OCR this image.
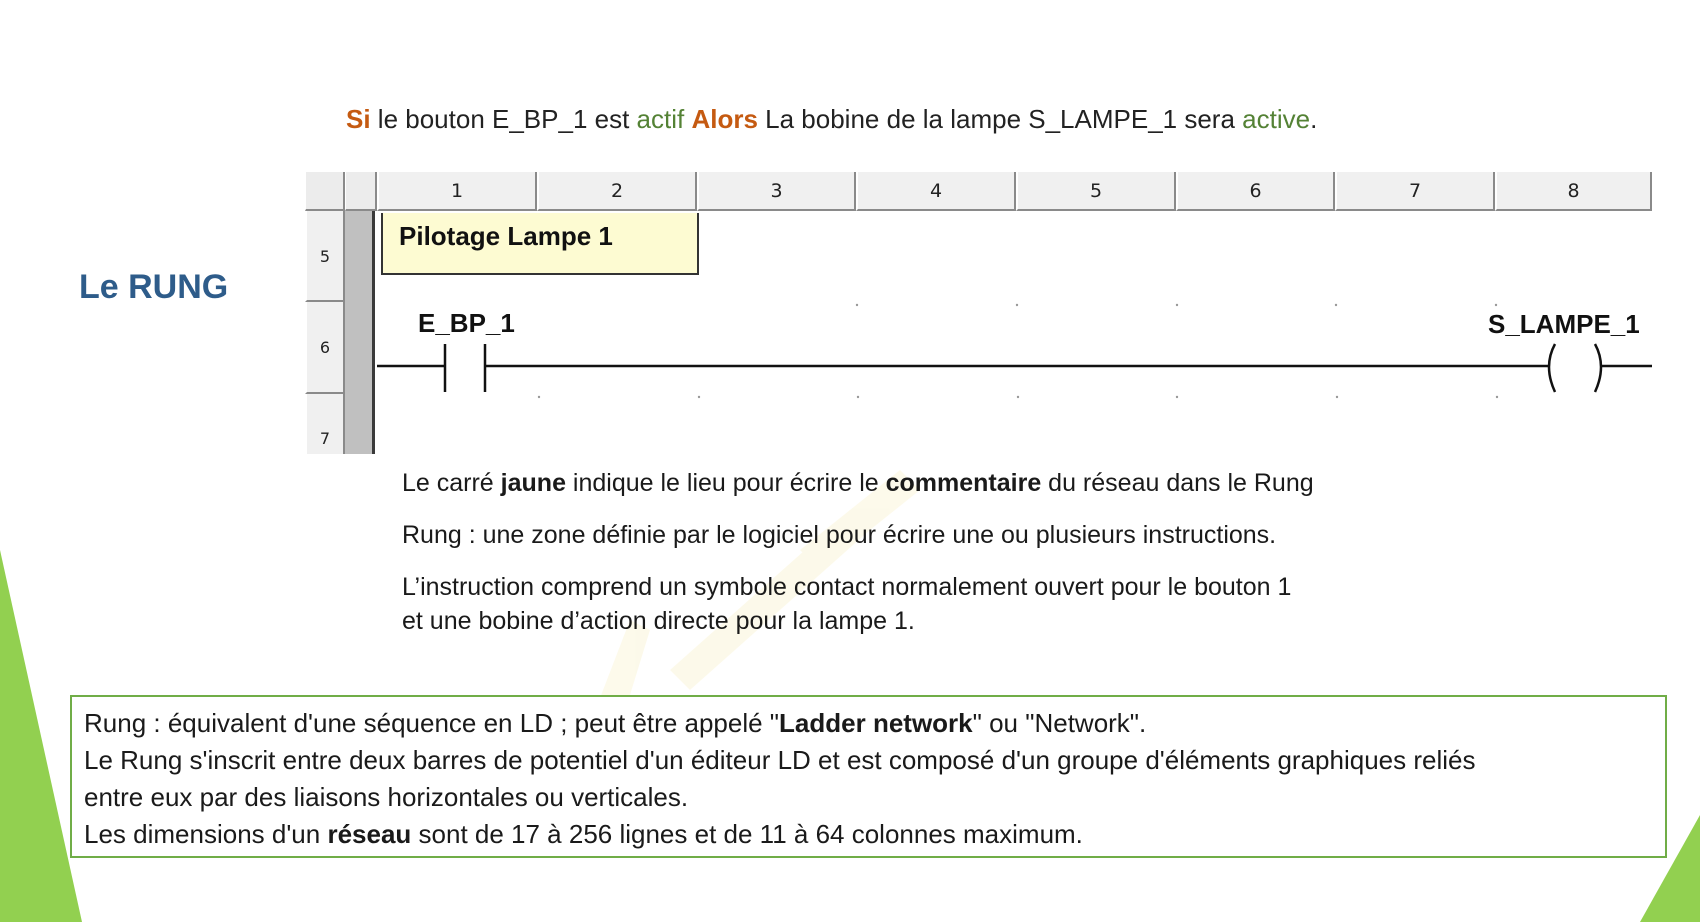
Si le bouton E_BP_1 est actif Alors La bobine de la lampe S_LAMPE_1 sera active.
Le RUNG
1	2	3	4	5	6	7	8
5
6
7
Pilotage Lampe 1
E_BP_1	S_LAMPE_1

Le carré jaune indique le lieu pour écrire le commentaire du réseau dans le Rung

Rung : une zone définie par le logiciel pour écrire une ou plusieurs instructions.

L’instruction comprend un symbole contact normalement ouvert pour le bouton 1
et une bobine d’action directe pour la lampe 1.

Rung : équivalent d'une séquence en LD ; peut être appelé "Ladder network" ou "Network".
Le Rung s'inscrit entre deux barres de potentiel d'un éditeur LD et est composé d'un groupe d'éléments graphiques reliés
entre eux par des liaisons horizontales ou verticales.
Les dimensions d'un réseau sont de 17 à 256 lignes et de 11 à 64 colonnes maximum.
